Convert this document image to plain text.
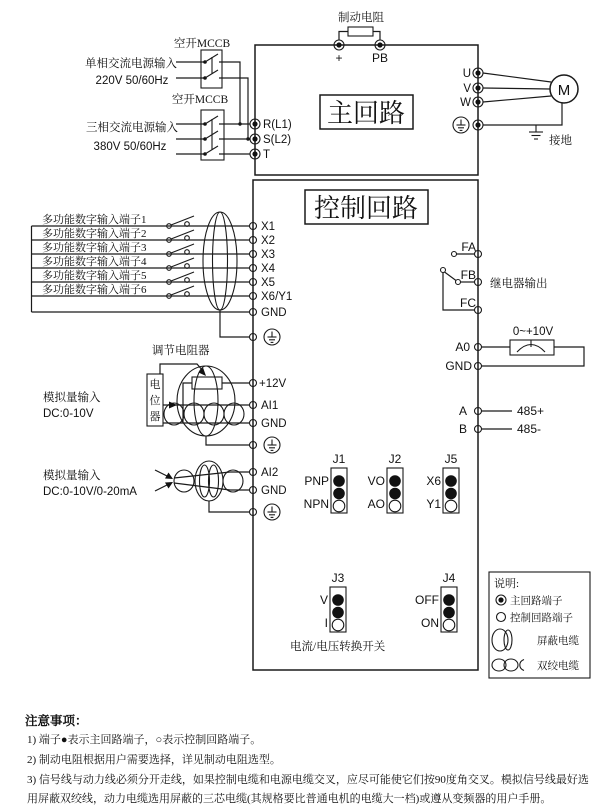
主回路
制动电阻
+ PB
单相交流电源输入
220V 50/60Hz
空开MCCB
三相交流电源输入
380V 50/60Hz
空开MCCB
R(L1)
S(L2)
T
U
V
W
M
接地
控制回路
多功能数字输入端子1
多功能数字输入端子2
多功能数字输入端子3
多功能数字输入端子4
多功能数字输入端子5
多功能数字输入端子6
X1
X2
X3
X4
X5
X6/Y1
GND
+12V
AI1
GND
AI2
GND
模拟量输入
DC:0-10V
调节电阻器
电
位
器
模拟量输入
DC:0-10V/0-20mA
FA
FB
FC
继电器输出
0~+10V
A0
GND
A
B
485+
485-
J1
PNP
NPN
J2
VO
AO
J5
X6
Y1
J3
V
I
J4
OFF
ON
电流/电压转换开关
说明:
主回路端子
控制回路端子
屏蔽电缆
双绞电缆
注意事项：
1) 端子●表示主回路端子，○表示控制回路端子。
2) 制动电阻根据用户需要选择，详见制动电阻选型。
3) 信号线与动力线必须分开走线，如果控制电缆和电源电缆交叉，应尽可能使它们按90度角交叉。模拟信号线最好选
用屏蔽双绞线，动力电缆选用屏蔽的三芯电缆(其规格要比普通电机的电缆大一档)或遵从变频器的用户手册。
